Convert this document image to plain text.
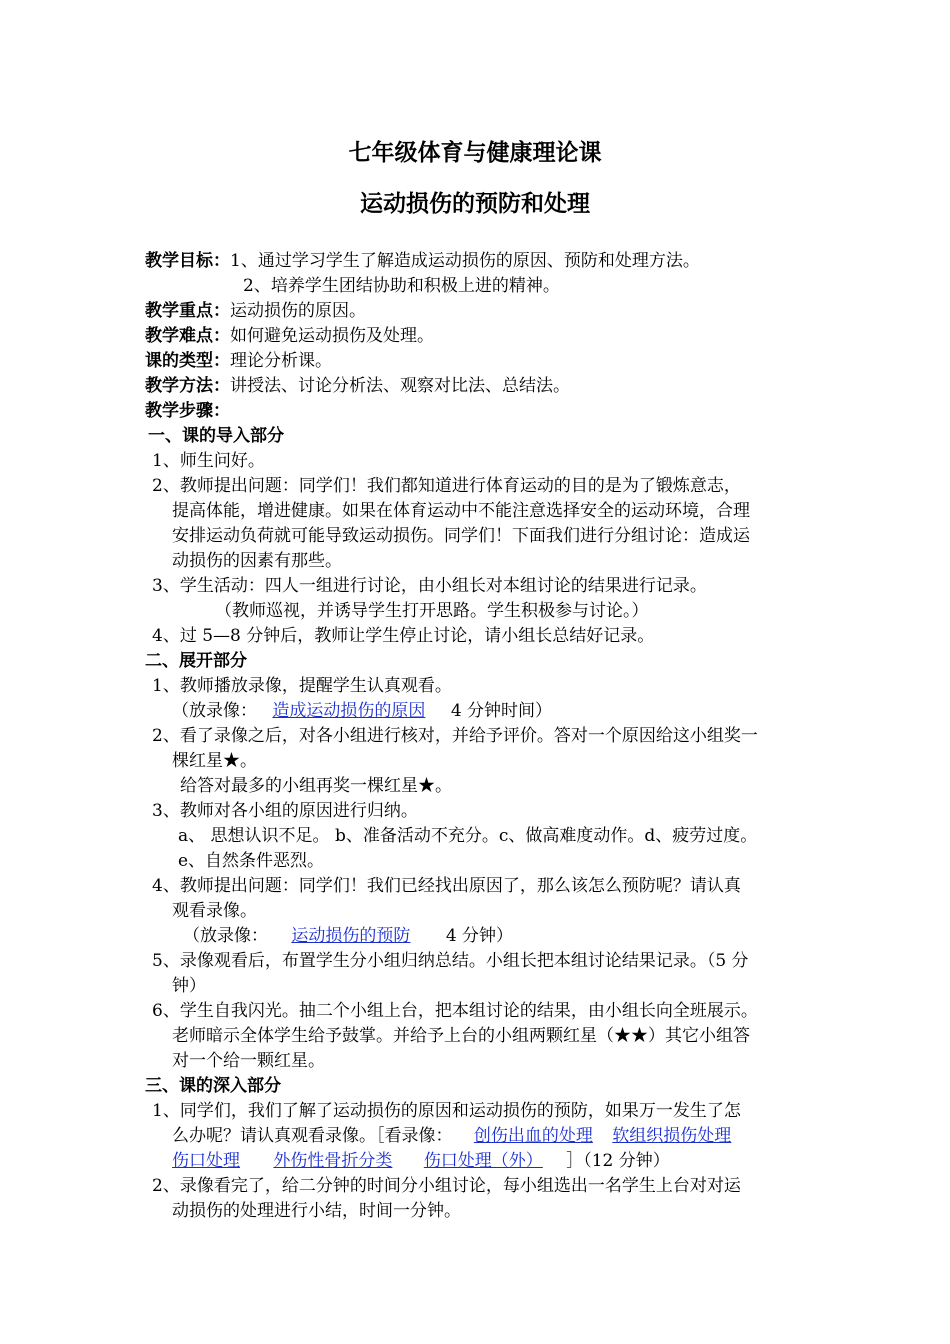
七年级体育与健康理论课
运动损伤的预防和处理
教学目标：1、通过学习学生了解造成运动损伤的原因、预防和处理方法。
2、培养学生团结协助和积极上进的精神。
教学重点：运动损伤的原因。
教学难点：如何避免运动损伤及处理。
课的类型：理论分析课。
教学方法：讲授法、讨论分析法、观察对比法、总结法。
教学步骤：
一、课的导入部分
1、师生问好。
2、教师提出问题：同学们！我们都知道进行体育运动的目的是为了锻炼意志，
提高体能，增进健康。如果在体育运动中不能注意选择安全的运动环境，合理
安排运动负荷就可能导致运动损伤。同学们！下面我们进行分组讨论：造成运
动损伤的因素有那些。
3、学生活动：四人一组进行讨论，由小组长对本组讨论的结果进行记录。
（教师巡视，并诱导学生打开思路。学生积极参与讨论。）
4、过 5—8 分钟后，教师让学生停止讨论，请小组长总结好记录。
二、展开部分
1、教师播放录像，提醒学生认真观看。
（放录像： 造成运动损伤的原因 4 分钟时间）
2、看了录像之后，对各小组进行核对，并给予评价。答对一个原因给这小组奖一
棵红星★。
给答对最多的小组再奖一棵红星★。
3、教师对各小组的原因进行归纳。
a、 思想认识不足。 b、准备活动不充分。c、做高难度动作。d、疲劳过度。
e、自然条件恶烈。
4、教师提出问题：同学们！我们已经找出原因了，那么该怎么预防呢？请认真
观看录像。
（放录像： 运动损伤的预防 4 分钟）
5、录像观看后，布置学生分小组归纳总结。小组长把本组讨论结果记录。（5 分
钟）
6、学生自我闪光。抽二个小组上台，把本组讨论的结果，由小组长向全班展示。
老师暗示全体学生给予鼓掌。并给予上台的小组两颗红星（★★）其它小组答
对一个给一颗红星。
三、课的深入部分
1、同学们，我们了解了运动损伤的原因和运动损伤的预防，如果万一发生了怎
么办呢？请认真观看录像。［看录像： 创伤出血的处理 软组织损伤处理
伤口处理 外伤性骨折分类 伤口处理（外） ］（12 分钟）
2、录像看完了，给二分钟的时间分小组讨论，每小组选出一名学生上台对对运
动损伤的处理进行小结，时间一分钟。
